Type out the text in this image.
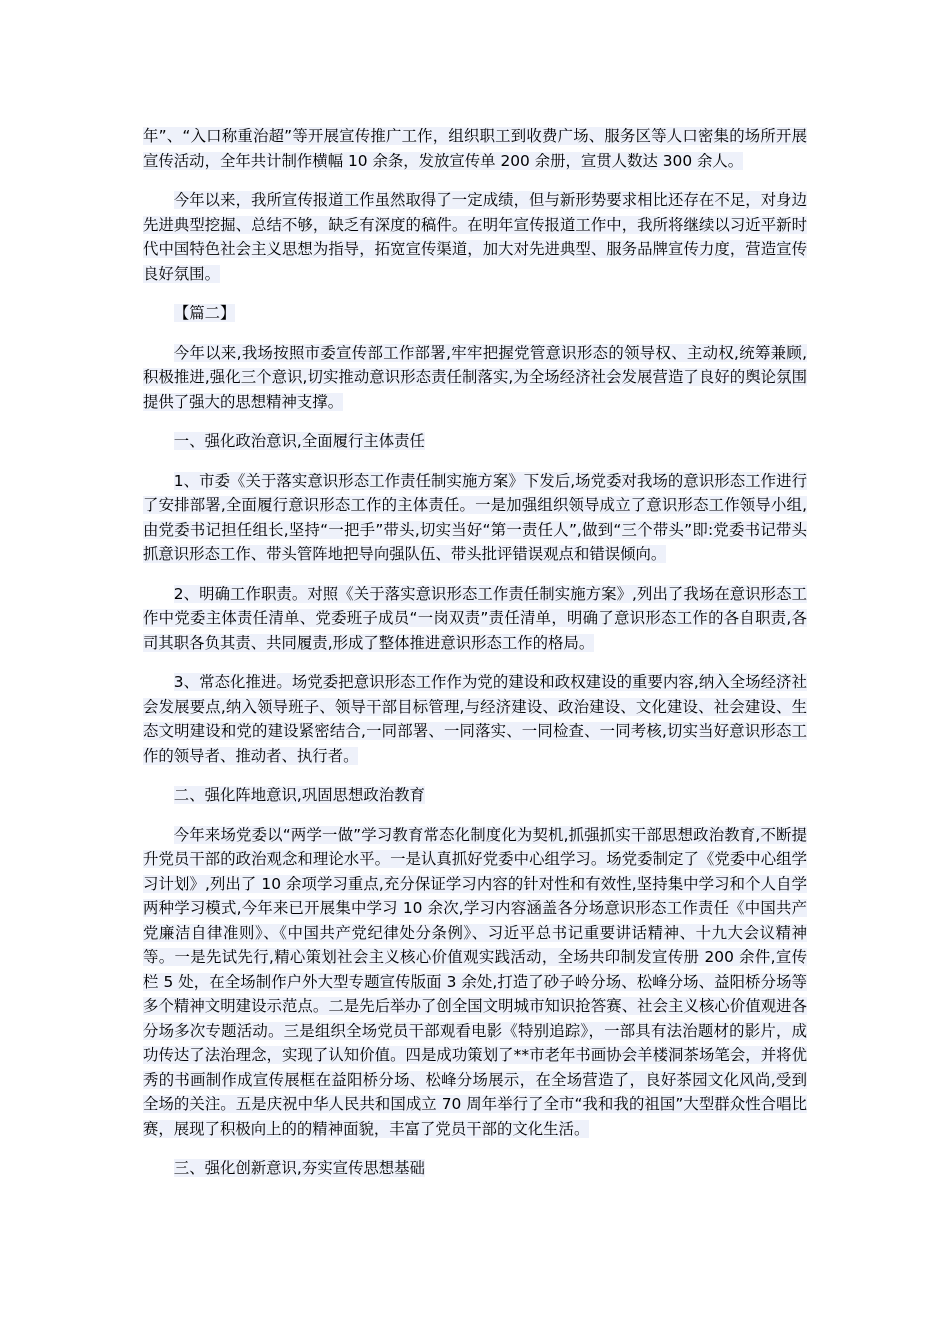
年”、“入口称重治超”等开展宣传推广工作，组织职工到收费广场、服务区等人口密集的场所开展宣传活动，全年共计制作横幅 10 余条，发放宣传单 200 余册，宣贯人数达 300 余人。

今年以来，我所宣传报道工作虽然取得了一定成绩，但与新形势要求相比还存在不足，对身边先进典型挖掘、总结不够，缺乏有深度的稿件。在明年宣传报道工作中，我所将继续以习近平新时代中国特色社会主义思想为指导，拓宽宣传渠道，加大对先进典型、服务品牌宣传力度，营造宣传良好氛围。

【篇二】

今年以来,我场按照市委宣传部工作部署,牢牢把握党管意识形态的领导权、主动权,统筹兼顾,积极推进,强化三个意识,切实推动意识形态责任制落实,为全场经济社会发展营造了良好的舆论氛围提供了强大的思想精神支撑。

一、强化政治意识,全面履行主体责任

1、市委《关于落实意识形态工作责任制实施方案》下发后,场党委对我场的意识形态工作进行了安排部署,全面履行意识形态工作的主体责任。一是加强组织领导成立了意识形态工作领导小组,由党委书记担任组长,坚持“一把手”带头,切实当好“第一责任人”,做到“三个带头”即:党委书记带头抓意识形态工作、带头管阵地把导向强队伍、带头批评错误观点和错误倾向。

2、明确工作职责。对照《关于落实意识形态工作责任制实施方案》,列出了我场在意识形态工作中党委主体责任清单、党委班子成员“一岗双责”责任清单，明确了意识形态工作的各自职责,各司其职各负其责、共同履责,形成了整体推进意识形态工作的格局。

3、常态化推进。场党委把意识形态工作作为党的建设和政权建设的重要内容,纳入全场经济社会发展要点,纳入领导班子、领导干部目标管理,与经济建设、政治建设、文化建设、社会建设、生态文明建设和党的建设紧密结合,一同部署、一同落实、一同检查、一同考核,切实当好意识形态工作的领导者、推动者、执行者。

二、强化阵地意识,巩固思想政治教育

今年来场党委以“两学一做”学习教育常态化制度化为契机,抓强抓实干部思想政治教育,不断提升党员干部的政治观念和理论水平。一是认真抓好党委中心组学习。场党委制定了《党委中心组学习计划》,列出了 10 余项学习重点,充分保证学习内容的针对性和有效性,坚持集中学习和个人自学两种学习模式,今年来已开展集中学习 10 余次,学习内容涵盖各分场意识形态工作责任《中国共产党廉洁自律准则》、《中国共产党纪律处分条例》、习近平总书记重要讲话精神、十九大会议精神等。一是先试先行,精心策划社会主义核心价值观实践活动，全场共印制发宣传册 200 余件,宣传栏 5 处，在全场制作户外大型专题宣传版面 3 余处,打造了砂子岭分场、松峰分场、益阳桥分场等多个精神文明建设示范点。二是先后举办了创全国文明城市知识抢答赛、社会主义核心价值观进各分场多次专题活动。三是组织全场党员干部观看电影《特别追踪》，一部具有法治题材的影片，成功传达了法治理念，实现了认知价值。四是成功策划了**市老年书画协会羊楼洞茶场笔会，并将优秀的书画制作成宣传展框在益阳桥分场、松峰分场展示，在全场营造了，良好茶园文化风尚,受到全场的关注。五是庆祝中华人民共和国成立 70 周年举行了全市“我和我的祖国”大型群众性合唱比赛，展现了积极向上的的精神面貌，丰富了党员干部的文化生活。

三、强化创新意识,夯实宣传思想基础
